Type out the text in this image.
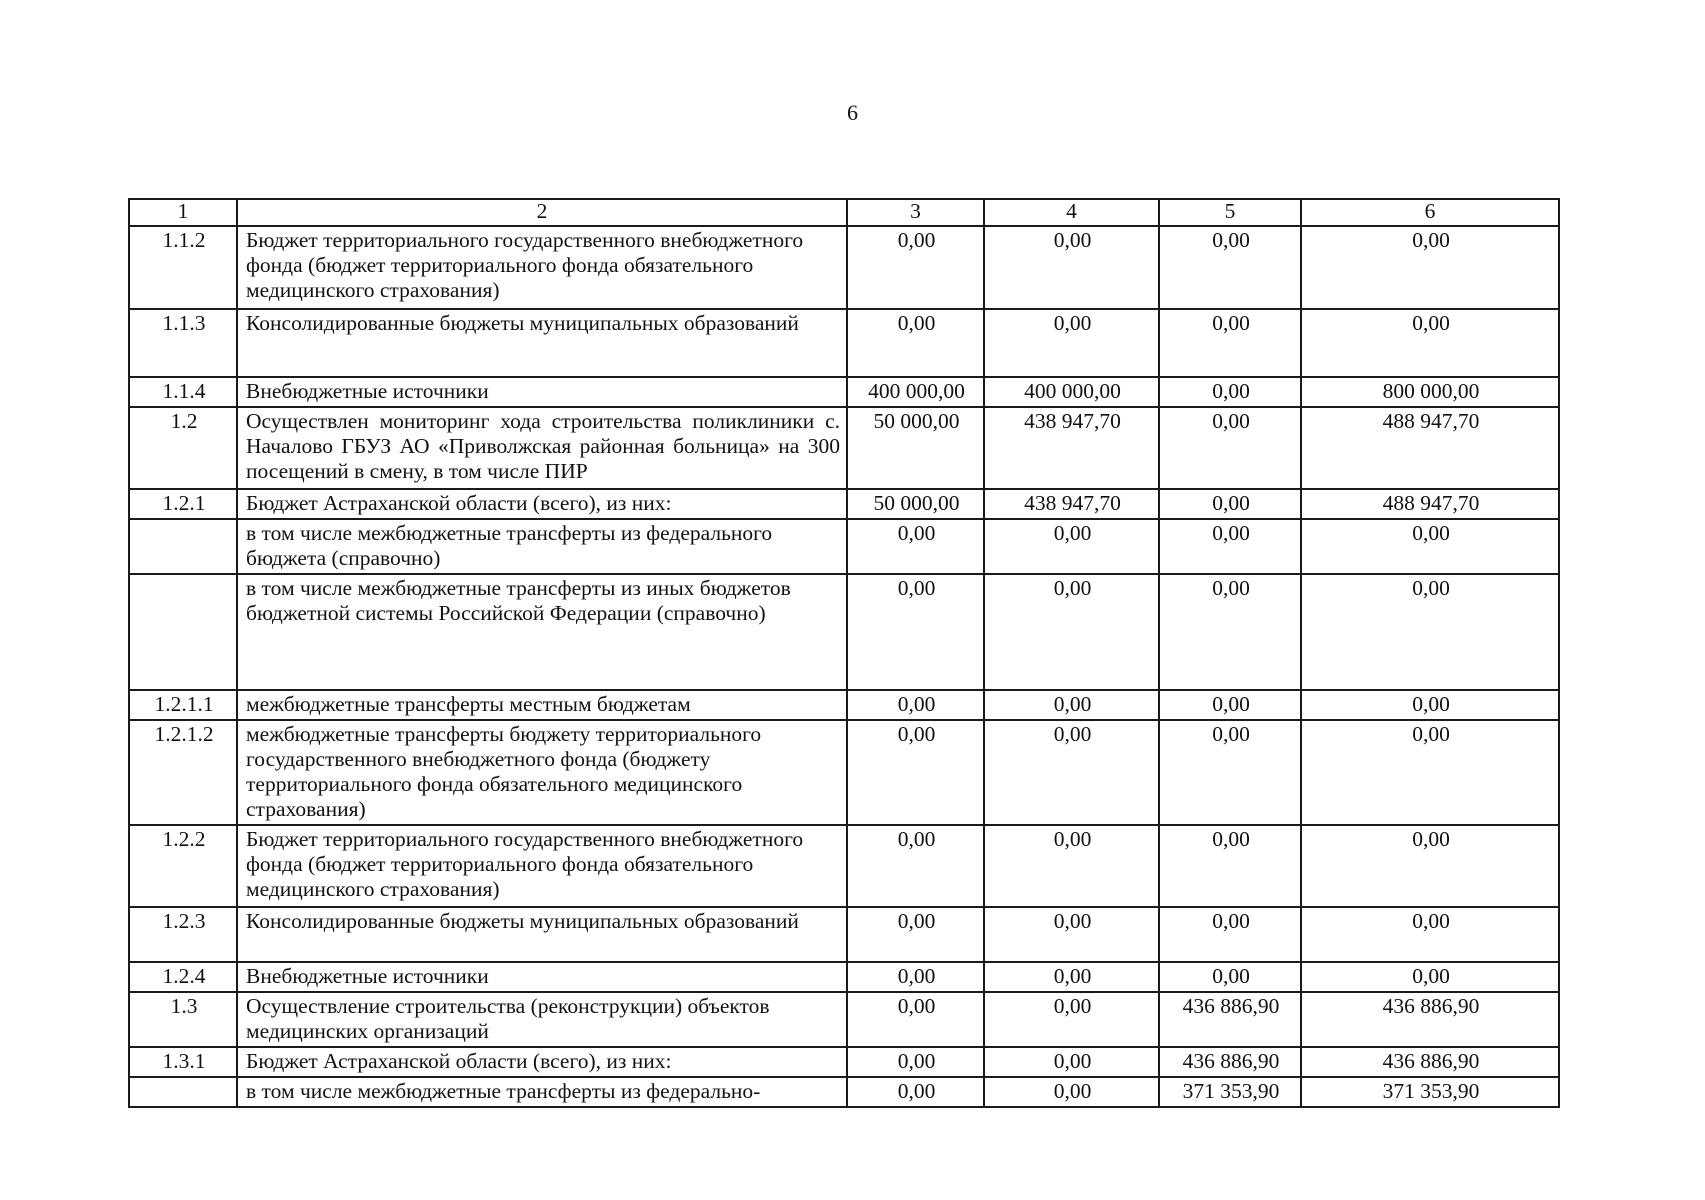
6
1	2	3	4	5	6
1.1.2	Бюджет территориального государственного внебюджетного фонда (бюджет территориального фонда обязательного медицинского страхования)	0,00	0,00	0,00	0,00
1.1.3	Консолидированные бюджеты муниципальных образований	0,00	0,00	0,00	0,00
1.1.4	Внебюджетные источники	400 000,00	400 000,00	0,00	800 000,00
1.2	Осуществлен мониторинг хода строительства поликлиники с. Началово ГБУЗ АО «Приволжская районная больница» на 300 посещений в смену, в том числе ПИР	50 000,00	438 947,70	0,00	488 947,70
1.2.1	Бюджет Астраханской области (всего), из них:	50 000,00	438 947,70	0,00	488 947,70
	в том числе межбюджетные трансферты из федерального бюджета (справочно)	0,00	0,00	0,00	0,00
	в том числе межбюджетные трансферты из иных бюджетов бюджетной системы Российской Федерации (справочно)	0,00	0,00	0,00	0,00
1.2.1.1	межбюджетные трансферты местным бюджетам	0,00	0,00	0,00	0,00
1.2.1.2	межбюджетные трансферты бюджету территориального государственного внебюджетного фонда (бюджету территориального фонда обязательного медицинского страхования)	0,00	0,00	0,00	0,00
1.2.2	Бюджет территориального государственного внебюджетного фонда (бюджет территориального фонда обязательного медицинского страхования)	0,00	0,00	0,00	0,00
1.2.3	Консолидированные бюджеты муниципальных образований	0,00	0,00	0,00	0,00
1.2.4	Внебюджетные источники	0,00	0,00	0,00	0,00
1.3	Осуществление строительства (реконструкции) объектов медицинских организаций	0,00	0,00	436 886,90	436 886,90
1.3.1	Бюджет Астраханской области (всего), из них:	0,00	0,00	436 886,90	436 886,90
	в том числе межбюджетные трансферты из федерально-	0,00	0,00	371 353,90	371 353,90
